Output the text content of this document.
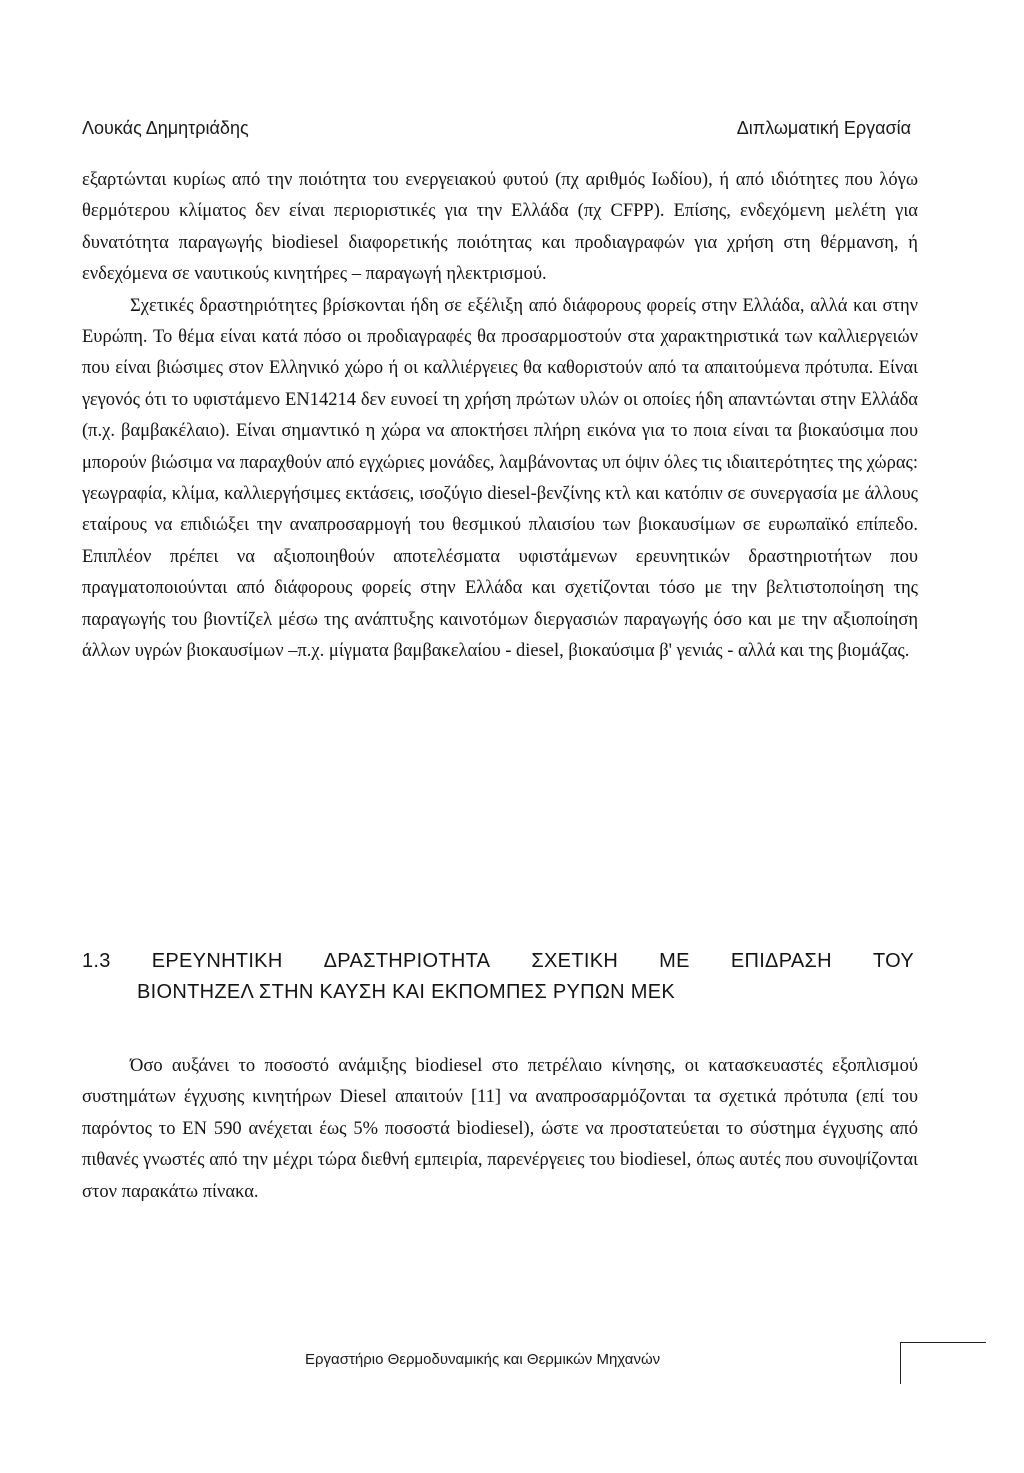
Λουκάς Δημητριάδης	Διπλωματική Εργασία

εξαρτώνται κυρίως από την ποιότητα του ενεργειακού φυτού (πχ αριθμός Ιωδίου), ή από ιδιότητες που λόγω θερμότερου κλίματος δεν είναι περιοριστικές για την Ελλάδα (πχ CFPP). Επίσης, ενδεχόμενη μελέτη για δυνατότητα παραγωγής biodiesel διαφορετικής ποιότητας και προδιαγραφών για χρήση στη θέρμανση, ή ενδεχόμενα σε ναυτικούς κινητήρες – παραγωγή ηλεκτρισμού.

Σχετικές δραστηριότητες βρίσκονται ήδη σε εξέλιξη από διάφορους φορείς στην Ελλάδα, αλλά και στην Ευρώπη. Το θέμα είναι κατά πόσο οι προδιαγραφές θα προσαρμοστούν στα χαρακτηριστικά των καλλιεργειών που είναι βιώσιμες στον Ελληνικό χώρο ή οι καλλιέργειες θα καθοριστούν από τα απαιτούμενα πρότυπα. Είναι γεγονός ότι το υφιστάμενο EN14214 δεν ευνοεί τη χρήση πρώτων υλών οι οποίες ήδη απαντώνται στην Ελλάδα (π.χ. βαμβακέλαιο). Είναι σημαντικό η χώρα να αποκτήσει πλήρη εικόνα για το ποια είναι τα βιοκαύσιμα που μπορούν βιώσιμα να παραχθούν από εγχώριες μονάδες, λαμβάνοντας υπ όψιν όλες τις ιδιαιτερότητες της χώρας: γεωγραφία, κλίμα, καλλιεργήσιμες εκτάσεις, ισοζύγιο diesel-βενζίνης κτλ και κατόπιν σε συνεργασία με άλλους εταίρους να επιδιώξει την αναπροσαρμογή του θεσμικού πλαισίου των βιοκαυσίμων σε ευρωπαϊκό επίπεδο. Επιπλέον πρέπει να αξιοποιηθούν αποτελέσματα υφιστάμενων ερευνητικών δραστηριοτήτων που πραγματοποιούνται από διάφορους φορείς στην Ελλάδα και σχετίζονται τόσο με την βελτιστοποίηση της παραγωγής του βιοντίζελ μέσω της ανάπτυξης καινοτόμων διεργασιών παραγωγής όσο και με την αξιοποίηση άλλων υγρών βιοκαυσίμων –π.χ. μίγματα βαμβακελαίου - diesel, βιοκαύσιμα β' γενιάς - αλλά και της βιομάζας.

1.3 ΕΡΕΥΝΗΤΙΚΗ ΔΡΑΣΤΗΡΙΟΤΗΤΑ ΣΧΕΤΙΚΗ ΜΕ ΕΠΙΔΡΑΣΗ ΤΟΥ
ΒΙΟΝΤΗΖΕΛ ΣΤΗΝ ΚΑΥΣΗ ΚΑΙ ΕΚΠΟΜΠΕΣ ΡΥΠΩΝ ΜΕΚ

Όσο αυξάνει το ποσοστό ανάμιξης biodiesel στο πετρέλαιο κίνησης, οι κατασκευαστές εξοπλισμού συστημάτων έγχυσης κινητήρων Diesel απαιτούν [11] να αναπροσαρμόζονται τα σχετικά πρότυπα (επί του παρόντος το EN 590 ανέχεται έως 5% ποσοστά biodiesel), ώστε να προστατεύεται το σύστημα έγχυσης από πιθανές γνωστές από την μέχρι τώρα διεθνή εμπειρία, παρενέργειες του biodiesel, όπως αυτές που συνοψίζονται στον παρακάτω πίνακα.

Εργαστήριο Θερμοδυναμικής και Θερμικών Μηχανών
